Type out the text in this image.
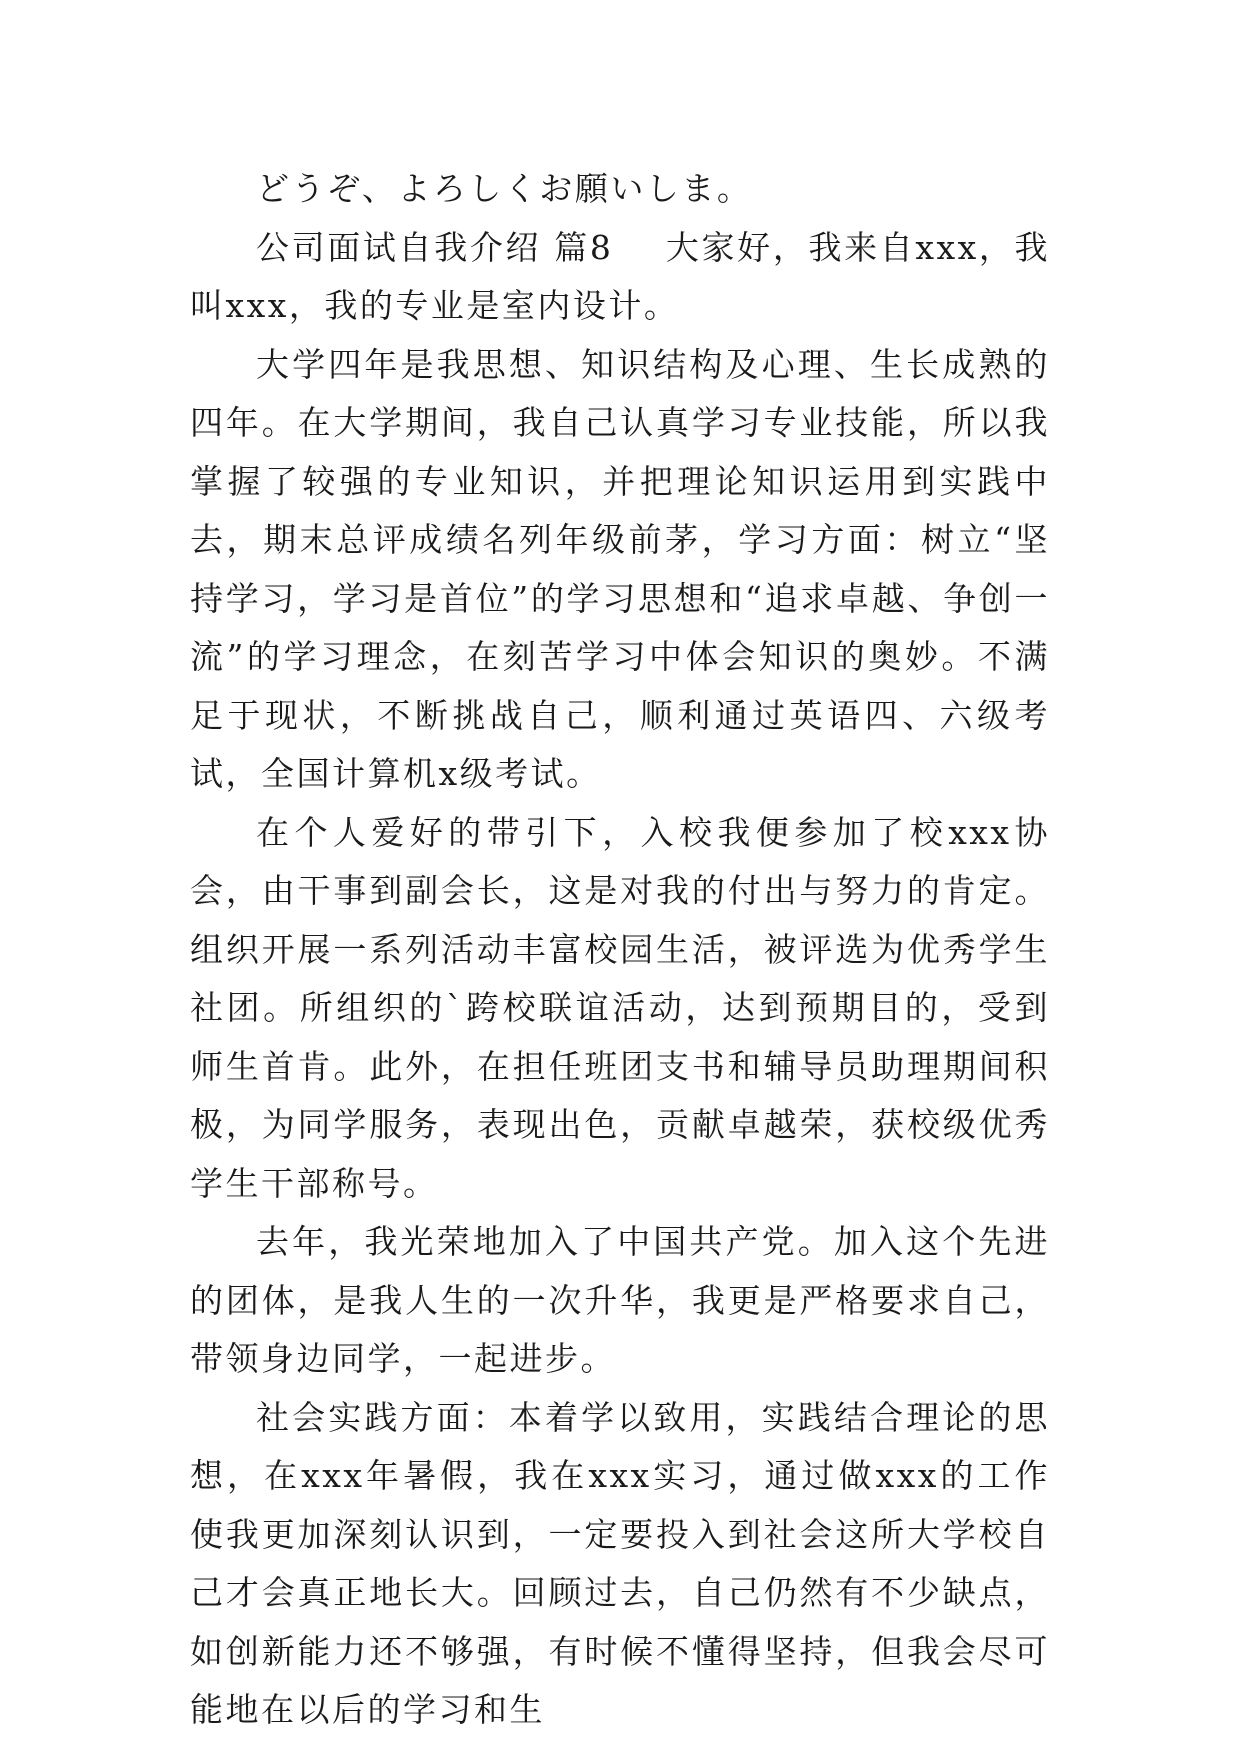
どうぞ、よろしくお願いしま。

公司面试自我介绍 篇8    大家好，我来自xxx，我叫xxx，我的专业是室内设计。

大学四年是我思想、知识结构及心理、生长成熟的四年。在大学期间，我自己认真学习专业技能，所以我掌握了较强的专业知识，并把理论知识运用到实践中去，期末总评成绩名列年级前茅，学习方面：树立“坚持学习，学习是首位”的学习思想和“追求卓越、争创一流”的学习理念，在刻苦学习中体会知识的奥妙。不满足于现状，不断挑战自己，顺利通过英语四、六级考试，全国计算机x级考试。

在个人爱好的带引下，入校我便参加了校xxx协会，由干事到副会长，这是对我的付出与努力的肯定。组织开展一系列活动丰富校园生活，被评选为优秀学生社团。所组织的`跨校联谊活动，达到预期目的，受到师生首肯。此外，在担任班团支书和辅导员助理期间积极，为同学服务，表现出色，贡献卓越荣，获校级优秀学生干部称号。

去年，我光荣地加入了中国共产党。加入这个先进的团体，是我人生的一次升华，我更是严格要求自己，带领身边同学，一起进步。

社会实践方面：本着学以致用，实践结合理论的思想，在xxx年暑假，我在xxx实习，通过做xxx的工作使我更加深刻认识到，一定要投入到社会这所大学校自己才会真正地长大。回顾过去，自己仍然有不少缺点，如创新能力还不够强，有时候不懂得坚持，但我会尽可能地在以后的学习和生
